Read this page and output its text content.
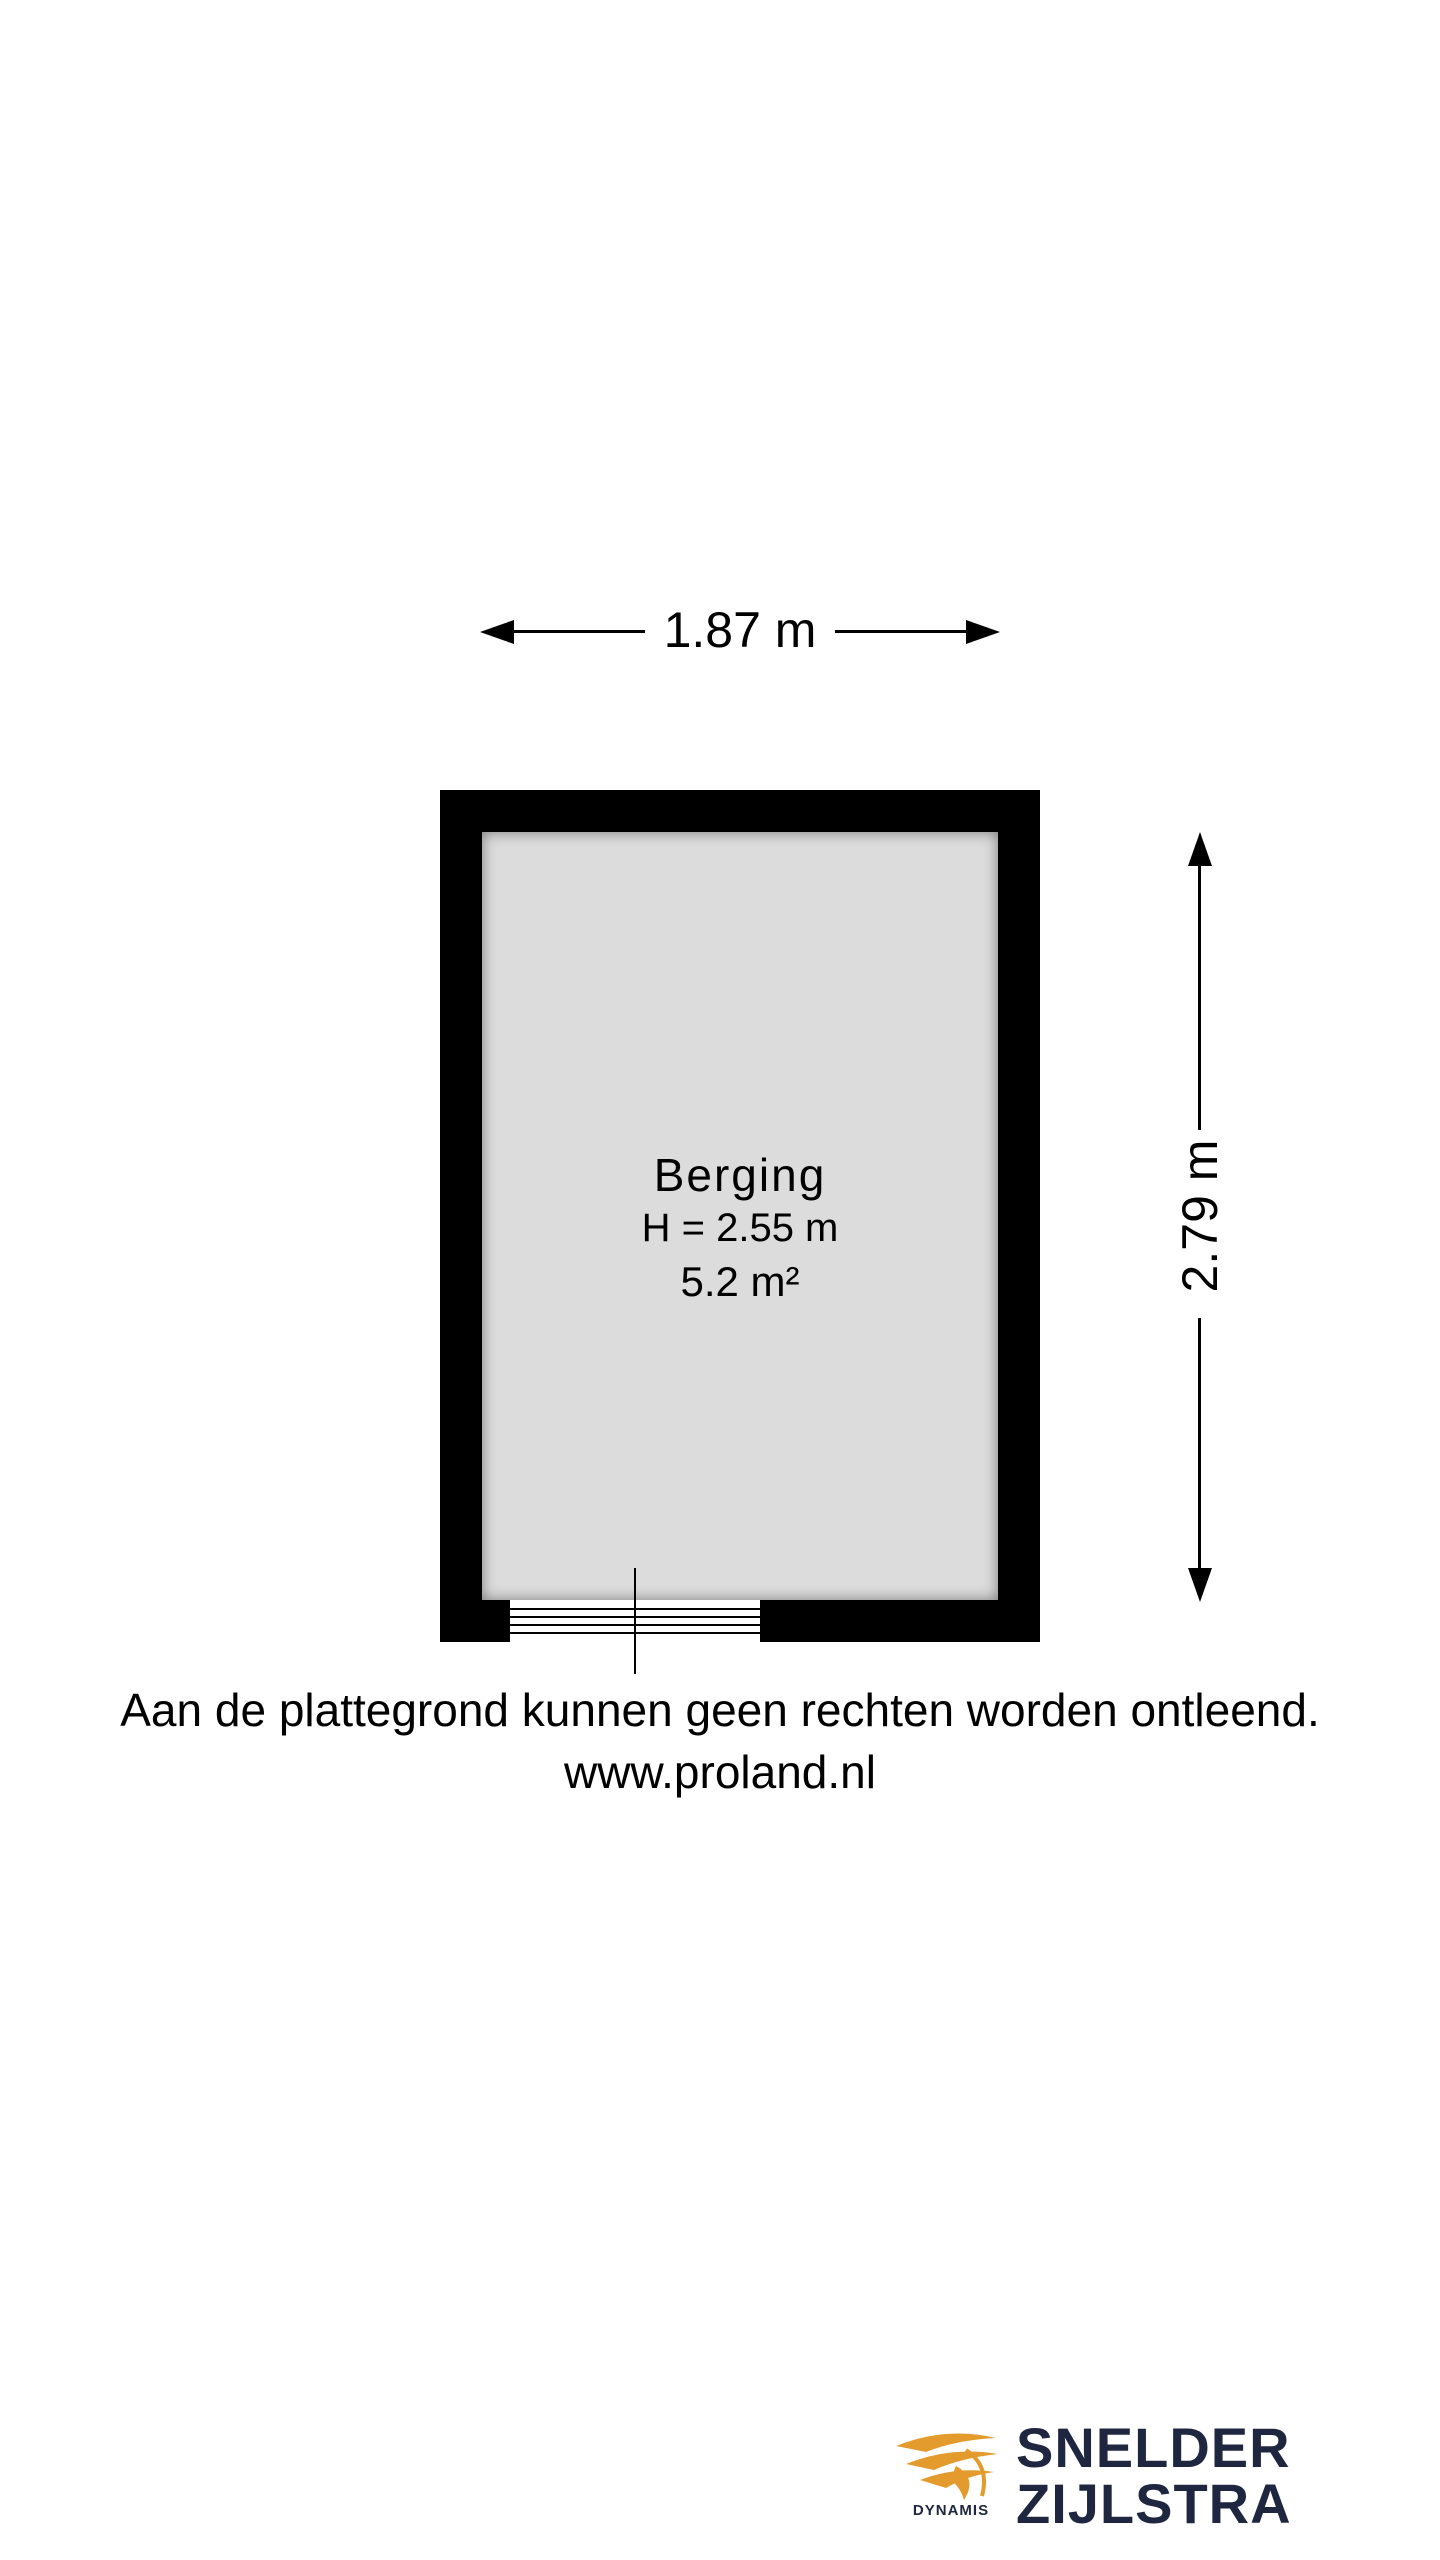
1.87 m
2.79 m
Berging
H = 2.55 m
5.2 m²
Aan de plattegrond kunnen geen rechten worden ontleend.
www.proland.nl
DYNAMIS
SNELDER
ZIJLSTRA
